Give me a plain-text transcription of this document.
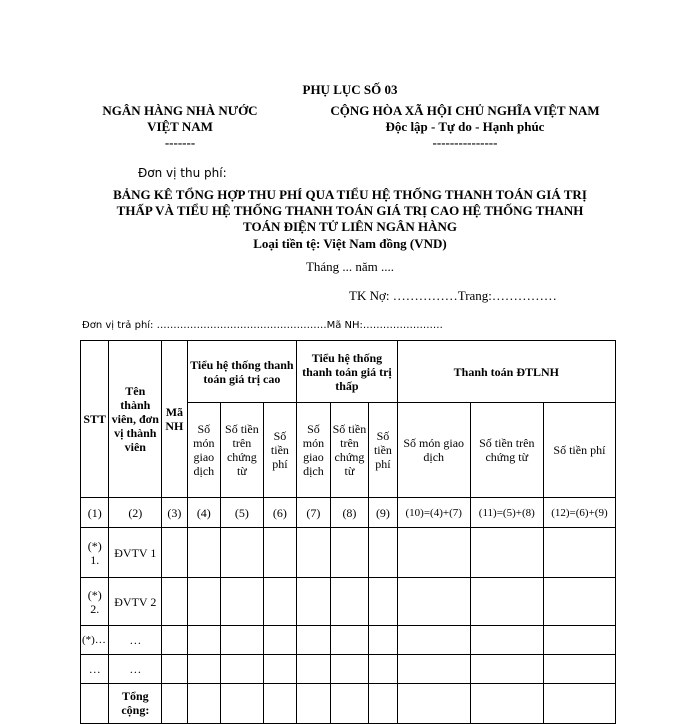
PHỤ LỤC SỐ 03
NGÂN HÀNG NHÀ NƯỚC
VIỆT NAM
-------
CỘNG HÒA XÃ HỘI CHỦ NGHĨA VIỆT NAM
Độc lập - Tự do - Hạnh phúc
---------------
Đơn vị thu phí:
BẢNG KÊ TỔNG HỢP THU PHÍ QUA TIỂU HỆ THỐNG THANH TOÁN GIÁ TRỊ
THẤP VÀ TIỂU HỆ THỐNG THANH TOÁN GIÁ TRỊ CAO HỆ THỐNG THANH
TOÁN ĐIỆN TỬ LIÊN NGÂN HÀNG
Loại tiền tệ: Việt Nam đồng (VND)
Tháng ... năm ....
TK Nợ: ……………Trang:……………
Đơn vị trả phí: ……………………………………………Mã NH:……………………
STT	Tên thành viên, đơn vị thành viên	Mã NH	Tiểu hệ thống thanh toán giá trị cao			Tiểu hệ thống thanh toán giá trị thấp			Thanh toán ĐTLNH		
			Số món giao dịch	Số tiền trên chứng từ	Số tiền phí	Số món giao dịch	Số tiền trên chứng từ	Số tiền phí	Số món giao dịch	Số tiền trên chứng từ	Số tiền phí
(1)	(2)	(3)	(4)	(5)	(6)	(7)	(8)	(9)	(10)=(4)+(7)	(11)=(5)+(8)	(12)=(6)+(9)
(*) 1.	ĐVTV 1										
(*) 2.	ĐVTV 2										
(*)…	…										
…	…										
	Tổng cộng:										
